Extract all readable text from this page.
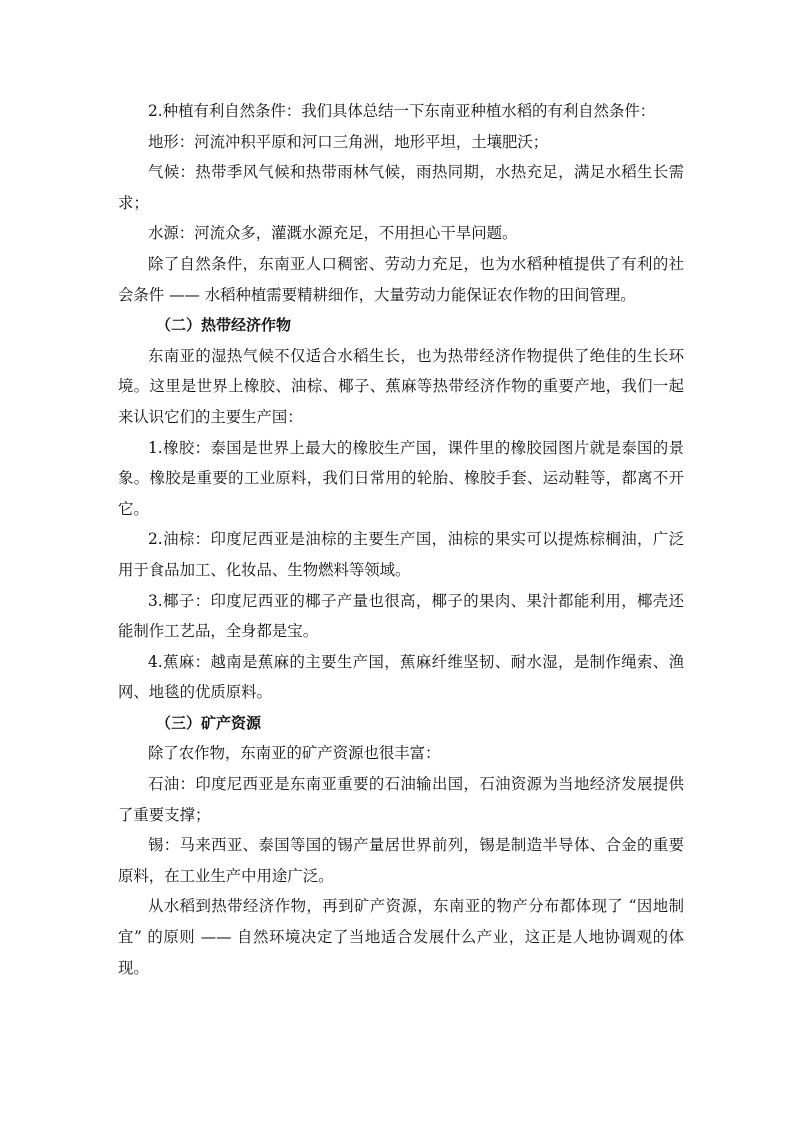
2.种植有利自然条件：我们具体总结一下东南亚种植水稻的有利自然条件：

地形：河流冲积平原和河口三角洲，地形平坦，土壤肥沃；

气候：热带季风气候和热带雨林气候，雨热同期，水热充足，满足水稻生长需求；

水源：河流众多，灌溉水源充足，不用担心干旱问题。

除了自然条件，东南亚人口稠密、劳动力充足，也为水稻种植提供了有利的社会条件 —— 水稻种植需要精耕细作，大量劳动力能保证农作物的田间管理。

（二）热带经济作物

东南亚的湿热气候不仅适合水稻生长，也为热带经济作物提供了绝佳的生长环境。这里是世界上橡胶、油棕、椰子、蕉麻等热带经济作物的重要产地，我们一起来认识它们的主要生产国：

1.橡胶：泰国是世界上最大的橡胶生产国，课件里的橡胶园图片就是泰国的景象。橡胶是重要的工业原料，我们日常用的轮胎、橡胶手套、运动鞋等，都离不开它。

2.油棕：印度尼西亚是油棕的主要生产国，油棕的果实可以提炼棕榈油，广泛用于食品加工、化妆品、生物燃料等领域。

3.椰子：印度尼西亚的椰子产量也很高，椰子的果肉、果汁都能利用，椰壳还能制作工艺品，全身都是宝。

4.蕉麻：越南是蕉麻的主要生产国，蕉麻纤维坚韧、耐水湿，是制作绳索、渔网、地毯的优质原料。

（三）矿产资源

除了农作物，东南亚的矿产资源也很丰富：

石油：印度尼西亚是东南亚重要的石油输出国，石油资源为当地经济发展提供了重要支撑；

锡：马来西亚、泰国等国的锡产量居世界前列，锡是制造半导体、合金的重要原料，在工业生产中用途广泛。

从水稻到热带经济作物，再到矿产资源，东南亚的物产分布都体现了 “因地制宜” 的原则 —— 自然环境决定了当地适合发展什么产业，这正是人地协调观的体现。
